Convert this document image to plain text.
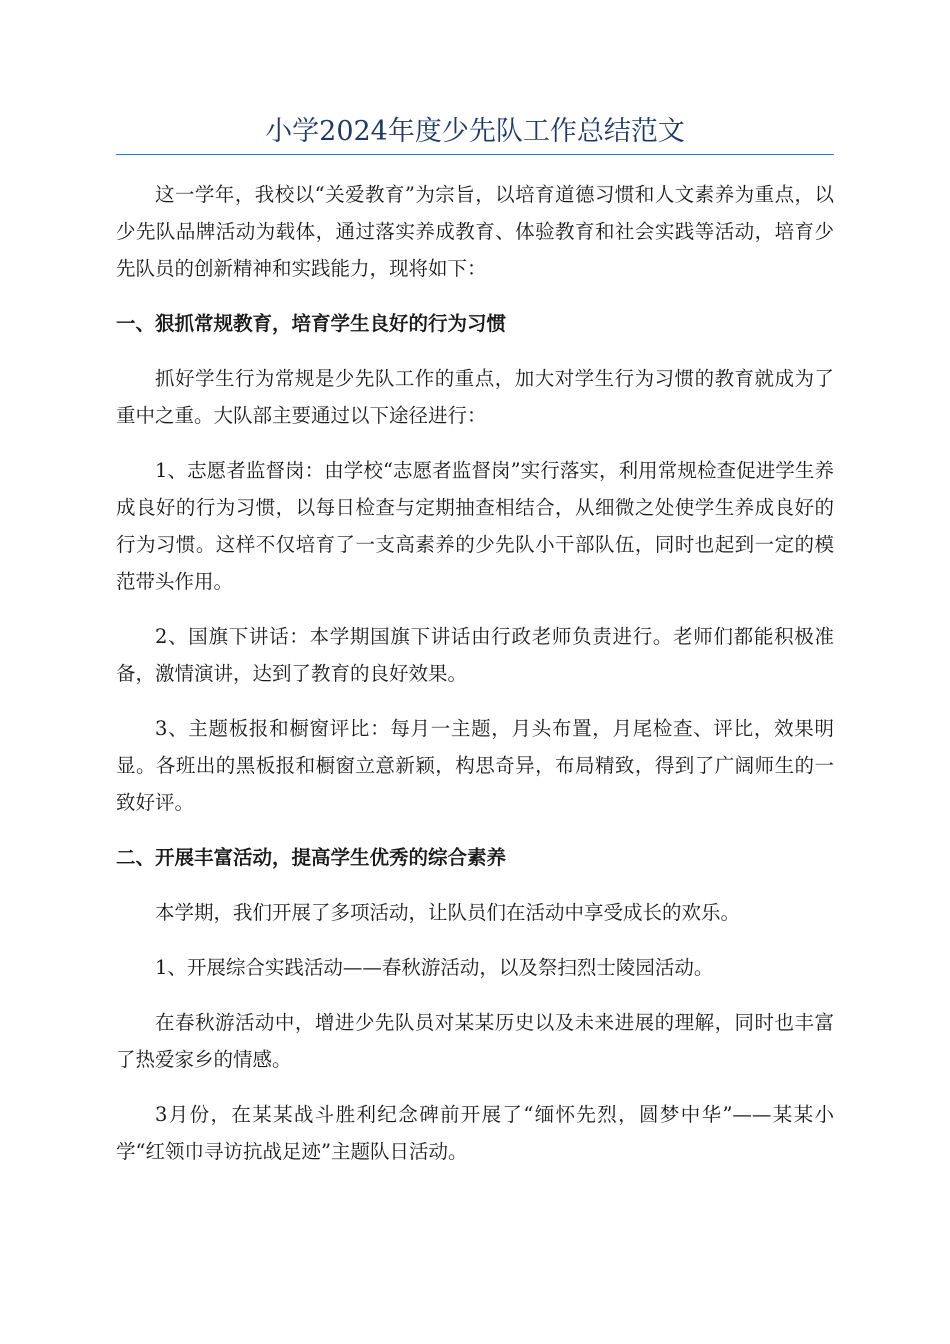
小学2024年度少先队工作总结范文

这一学年，我校以“关爱教育”为宗旨，以培育道德习惯和人文素养为重点，以少先队品牌活动为载体，通过落实养成教育、体验教育和社会实践等活动，培育少先队员的创新精神和实践能力，现将如下：

一、狠抓常规教育，培育学生良好的行为习惯

抓好学生行为常规是少先队工作的重点，加大对学生行为习惯的教育就成为了重中之重。大队部主要通过以下途径进行：

1、志愿者监督岗：由学校“志愿者监督岗”实行落实，利用常规检查促进学生养成良好的行为习惯，以每日检查与定期抽查相结合，从细微之处使学生养成良好的行为习惯。这样不仅培育了一支高素养的少先队小干部队伍，同时也起到一定的模范带头作用。

2、国旗下讲话：本学期国旗下讲话由行政老师负责进行。老师们都能积极准备，激情演讲，达到了教育的良好效果。

3、主题板报和橱窗评比：每月一主题，月头布置，月尾检查、评比，效果明显。各班出的黑板报和橱窗立意新颖，构思奇异，布局精致，得到了广阔师生的一致好评。

二、开展丰富活动，提高学生优秀的综合素养

本学期，我们开展了多项活动，让队员们在活动中享受成长的欢乐。

1、开展综合实践活动——春秋游活动，以及祭扫烈士陵园活动。

在春秋游活动中，增进少先队员对某某历史以及未来进展的理解，同时也丰富了热爱家乡的情感。

3月份，在某某战斗胜利纪念碑前开展了“缅怀先烈，圆梦中华”——某某小学“红领巾寻访抗战足迹”主题队日活动。
